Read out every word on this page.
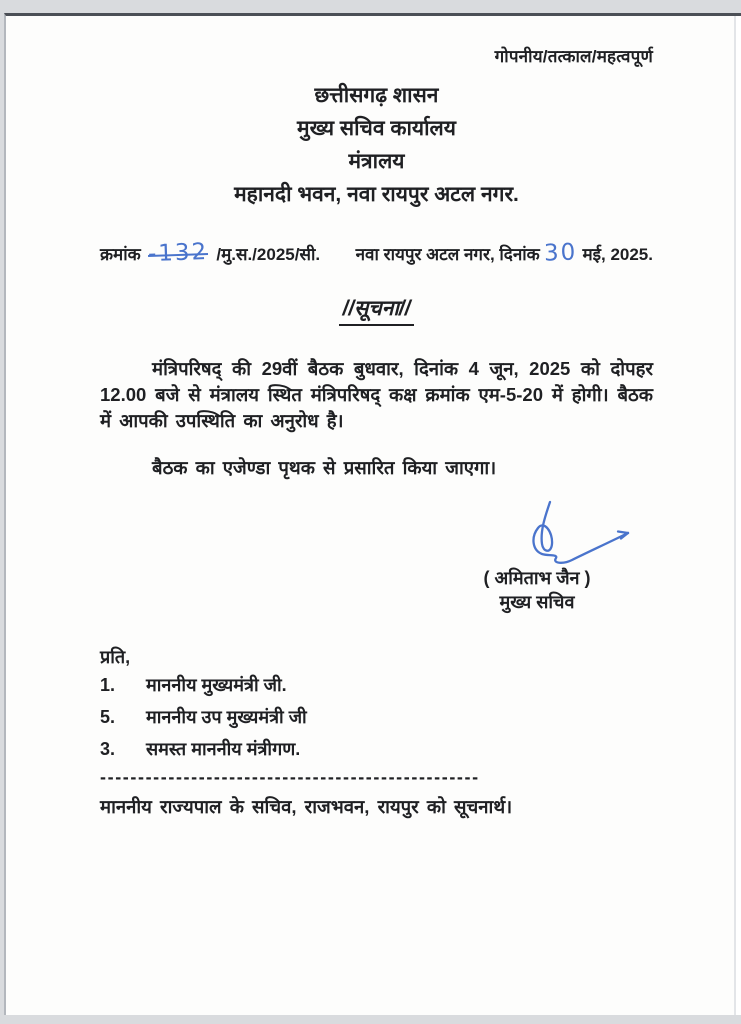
गोपनीय/तत्काल/महत्वपूर्ण
छत्तीसगढ़ शासन
मुख्य सचिव कार्यालय
मंत्रालय
महानदी भवन, नवा रायपुर अटल नगर.
क्रमांक -132 /मु.स./2025/सी. नवा रायपुर अटल नगर, दिनांक 30 मई, 2025.
//सूचना//

मंत्रिपरिषद् की 29वीं बैठक बुधवार, दिनांक 4 जून, 2025 को दोपहर 12.00 बजे से मंत्रालय स्थित मंत्रिपरिषद् कक्ष क्रमांक एम-5-20 में होगी। बैठक में आपकी उपस्थिति का अनुरोध है।

बैठक का एजेण्डा पृथक से प्रसारित किया जाएगा।

( अमिताभ जैन )
मुख्य सचिव
प्रति,
1.	माननीय मुख्यमंत्री जी.
5.	माननीय उप मुख्यमंत्री जी
3.	समस्त माननीय मंत्रीगण.
--------------------------------------------------
माननीय राज्यपाल के सचिव, राजभवन, रायपुर को सूचनार्थ।
